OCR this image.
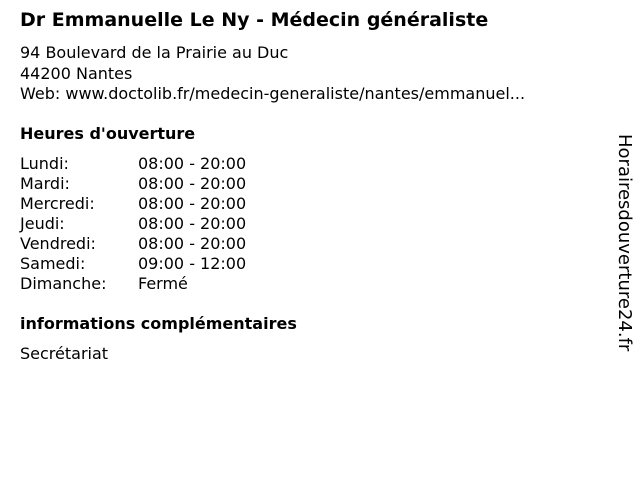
Dr Emmanuelle Le Ny - Médecin généraliste
94 Boulevard de la Prairie au Duc
44200 Nantes
Web: www.doctolib.fr/medecin-generaliste/nantes/emmanuel...
Heures d'ouverture
Lundi:	08:00 - 20:00
Mardi:	08:00 - 20:00
Mercredi:	08:00 - 20:00
Jeudi:	08:00 - 20:00
Vendredi:	08:00 - 20:00
Samedi:	09:00 - 12:00
Dimanche: Fermé
informations complémentaires
Secrétariat
Horairesdouverture24.fr
